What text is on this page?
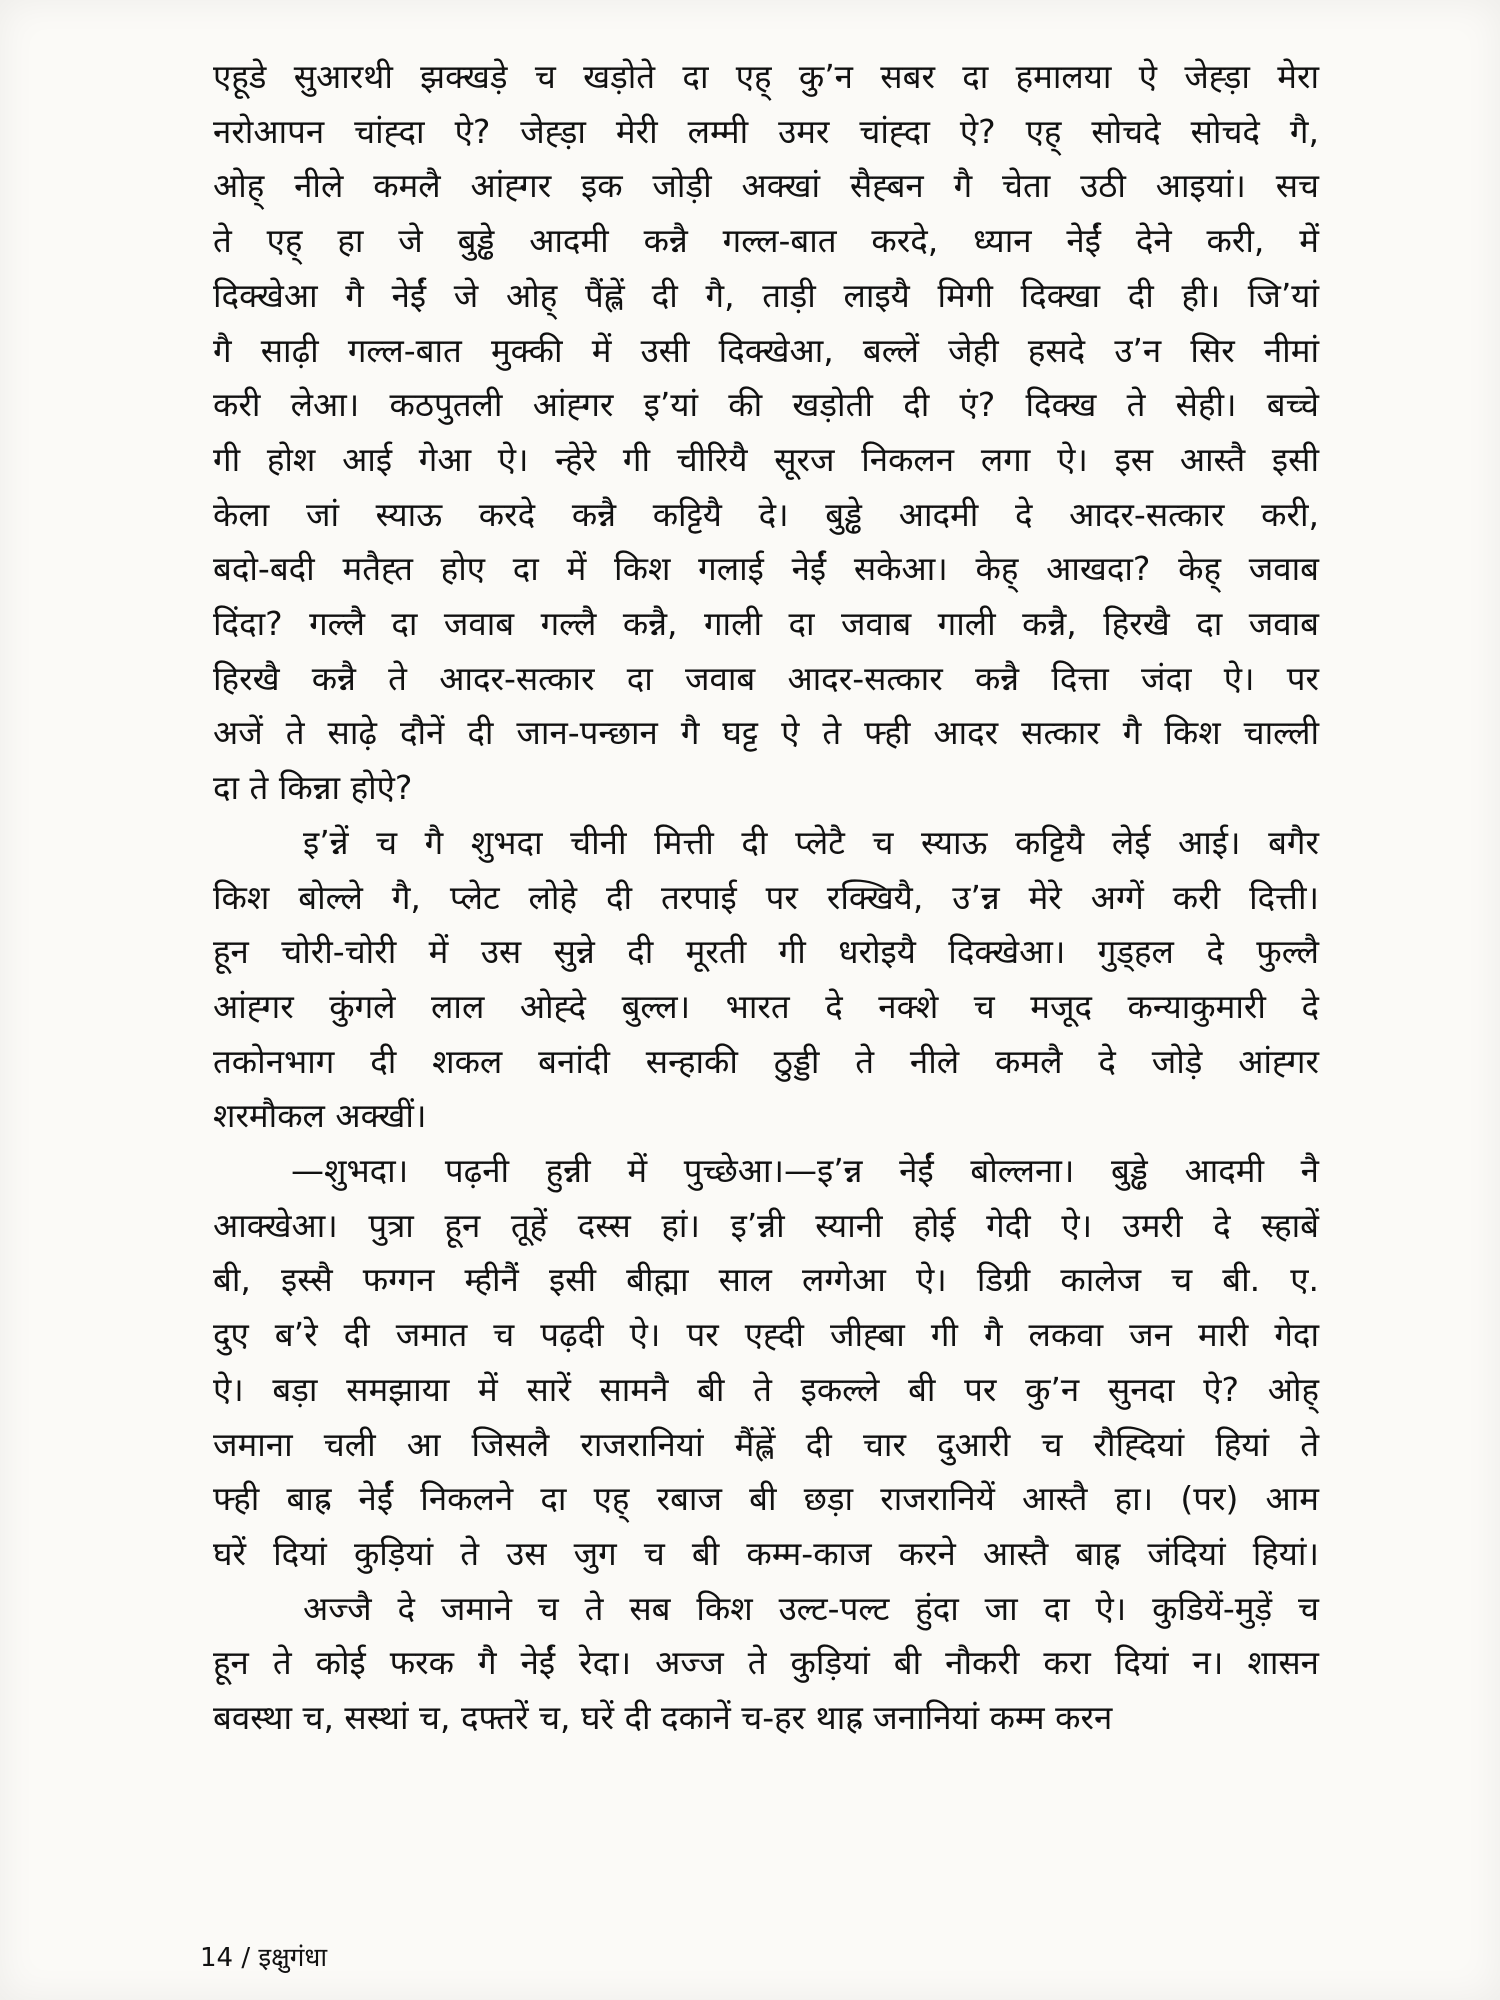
एहूडे सुआरथी झक्खड़े च खड़ोते दा एह् कु’न सबर दा हमालया ऐ जेह्ड़ा मेरा
नरोआपन चांह्दा ऐ? जेह्ड़ा मेरी लम्मी उमर चांह्दा ऐ? एह् सोचदे सोचदे गै,
ओह् नीले कमलै आंह्गर इक जोड़ी अक्खां सैह्बन गै चेता उठी आइयां। सच
ते एह् हा जे बुड्ढे आदमी कन्नै गल्ल-बात करदे, ध्यान नेईं देने करी, में
दिक्खेआ गै नेईं जे ओह् पैंह्लें दी गै, ताड़ी लाइयै मिगी दिक्खा दी ही। जि’यां
गै साढ़ी गल्ल-बात मुक्की में उसी दिक्खेआ, बल्लें जेही हसदे उ’न सिर नीमां
करी लेआ। कठपुतली आंह्गर इ’यां की खड़ोती दी एं? दिक्ख ते सेही। बच्चे
गी होश आई गेआ ऐ। न्हेरे गी चीरियै सूरज निकलन लगा ऐ। इस आस्तै इसी
केला जां स्याऊ करदे कन्नै कट्टियै दे। बुड्ढे आदमी दे आदर-सत्कार करी,
बदो-बदी मतैह्त होए दा में किश गलाई नेईं सकेआ। केह् आखदा? केह् जवाब
दिंदा? गल्लै दा जवाब गल्लै कन्नै, गाली दा जवाब गाली कन्नै, हिरखै दा जवाब
हिरखै कन्नै ते आदर-सत्कार दा जवाब आदर-सत्कार कन्नै दित्ता जंदा ऐ। पर
अजें ते साढ़े दौनें दी जान-पन्छान गै घट्ट ऐ ते फ्ही आदर सत्कार गै किश चाल्ली
दा ते किन्ना होऐ?
इ’न्नें च गै शुभदा चीनी मित्ती दी प्लेटै च स्याऊ कट्टियै लेई आई। बगैर
किश बोल्ले गै, प्लेट लोहे दी तरपाई पर रक्खियै, उ’न्न मेरे अग्गें करी दित्ती।
हून चोरी-चोरी में उस सुन्ने दी मूरती गी धरोइयै दिक्खेआ। गुड्हल दे फुल्लै
आंह्गर कुंगले लाल ओह्दे बुल्ल। भारत दे नक्शे च मजूद कन्याकुमारी दे
तकोनभाग दी शकल बनांदी सन्हाकी ठुड्डी ते नीले कमलै दे जोड़े आंह्गर
शरमौकल अक्खीं।
—शुभदा। पढ़नी हुन्नी में पुच्छेआ।—इ’न्न नेईं बोल्लना। बुड्ढे आदमी नै
आक्खेआ। पुत्रा हून तूहें दस्स हां। इ’न्नी स्यानी होई गेदी ऐ। उमरी दे स्हाबें
बी, इस्सै फग्गन म्हीनैं इसी बीह्मा साल लग्गेआ ऐ। डिग्री कालेज च बी. ए.
दुए ब’रे दी जमात च पढ़दी ऐ। पर एह्दी जीह्बा गी गै लकवा जन मारी गेदा
ऐ। बड़ा समझाया में सारें सामनै बी ते इकल्ले बी पर कु’न सुनदा ऐ? ओह्
जमाना चली आ जिसलै राजरानियां मैंह्लें दी चार दुआरी च रौह्दियां हियां ते
फ्ही बाह्र नेईं निकलने दा एह् रबाज बी छड़ा राजरानियें आस्तै हा। (पर) आम
घरें दियां कुड़ियां ते उस जुग च बी कम्म-काज करने आस्तै बाह्र जंदियां हियां।
अज्जै दे जमाने च ते सब किश उल्ट-पल्ट हुंदा जा दा ऐ। कुडियें-मुड़ें च
हून ते कोई फरक गै नेईं रेदा। अज्ज ते कुड़ियां बी नौकरी करा दियां न। शासन
बवस्था च, सस्थां च, दफ्तरें च, घरें दी दकानें च-हर थाह्र जनानियां कम्म करन
14 / इक्षुगंधा
